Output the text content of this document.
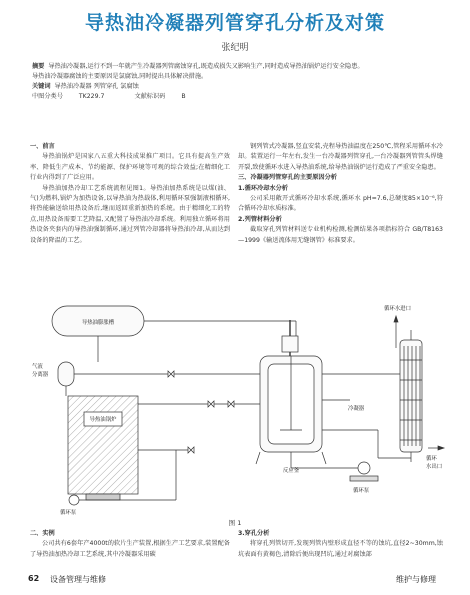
导热油冷凝器列管穿孔分析及对策
张纪明
摘要 导热油冷凝器,运行不到一年就产生冷凝器列管腐蚀穿孔,既造成损失又影响生产,同时造成导热油锅炉运行安全隐患。
导热油冷凝器腐蚀的主要原因是氯腐蚀,同时提出具体解决措施。
关键词 导热油冷凝器 列管穿孔 氯腐蚀
中图分类号	TK229.7	文献标识码	B

一、前言

导热油锅炉是国家八五重大科技成果推广项目。它具有提高生产效率、降低生产成本、节约能源、保护环境等可观的综合效益;在精细化工行业内得到了广泛应用。

导热油加热冷却工艺系统流程见图1。导热油加热系统是以煤(油、气)为燃料,锅炉为加热设备,以导热油为热载体,利用循环泵强制液相循环,将热能输送给用热设备后,继而返回重新加热的系统。由于精细化工的特点,用热设备需要工艺降温,又配置了导热油冷却系统。利用独立循环将用热设备夹套内的导热油强制循环,通过列管冷却器将导热油冷却,从而达到设备的降温的工艺。

钢列管式冷凝器,竖直安装,壳程导热油温度在250℃,管程采用循环水冷却。装置运行一年左右,发生一台冷凝器列管穿孔,一台冷凝器列管管头焊缝开裂,致使循环水进入导热油系统,给导热油锅炉运行造成了严重安全隐患。

三、冷凝器列管穿孔的主要原因分析

1.循环冷却水分析

公司采用敞开式循环冷却水系统,循环水 pH=7.6,总硬度85×10⁻⁶,符合循环冷却水质标准。

2.列管材料分析

截取穿孔列管材料送专业机构检测,检测结果各项指标符合 GB/T8163—1999《输送流体用无缝钢管》标准要求。

导热油膨胀槽
气液
分离器
导热油锅炉
循环泵
反应釜
冷凝器
循环泵
循环水进口
循环
水出口
图 1

二、实例

公司共有6套年产4000t的软片生产装置,根据生产工艺要求,装置配备了导热油加热冷却工艺系统,其中冷凝器采用碳

3.穿孔分析

将穿孔列管切开,发现列管内壁形成直径不等的蚀坑,直径2~30mm,蚀坑表面有黄褐色,清除后便出现凹坑,通过对腐蚀部

62 设备管理与维修	维护与修理
